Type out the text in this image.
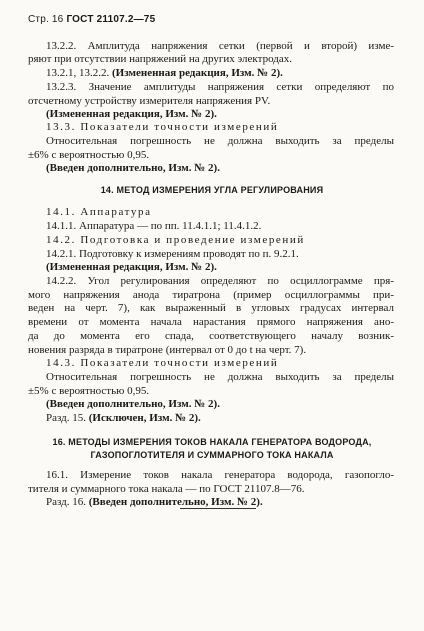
Стр. 16 ГОСТ 21107.2—75
13.2.2. Амплитуда напряжения сетки (первой и второй) изме-
ряют при отсутствии напряжений на других электродах.
13.2.1, 13.2.2. (Измененная редакция, Изм. № 2).
13.2.3. Значение амплитуды напряжения сетки определяют по
отсчетному устройству измерителя напряжения PV.
(Измененная редакция, Изм. № 2).
13.3. Показатели точности измерений
Относительная погрешность не должна выходить за пределы
±6% с вероятностью 0,95.
(Введен дополнительно, Изм. № 2).
14. МЕТОД ИЗМЕРЕНИЯ УГЛА РЕГУЛИРОВАНИЯ
14.1. Аппаратура
14.1.1. Аппаратура — по пп. 11.4.1.1; 11.4.1.2.
14.2. Подготовка и проведение измерений
14.2.1. Подготовку к измерениям проводят по п. 9.2.1.
(Измененная редакция, Изм. № 2).
14.2.2. Угол регулирования определяют по осциллограмме пря-
мого напряжения анода тиратрона (пример осциллограммы при-
веден на черт. 7), как выраженный в угловых градусах интервал
времени от момента начала нарастания прямого напряжения ано-
да до момента его спада, соответствующего началу возник-
новения разряда в тиратроне (интервал от 0 до t на черт. 7).
14.3. Показатели точности измерений
Относительная погрешность не должна выходить за пределы
±5% с вероятностью 0,95.
(Введен дополнительно, Изм. № 2).
Разд. 15. (Исключен, Изм. № 2).
16. МЕТОДЫ ИЗМЕРЕНИЯ ТОКОВ НАКАЛА ГЕНЕРАТОРА ВОДОРОДА,
ГАЗОПОГЛОТИТЕЛЯ И СУММАРНОГО ТОКА НАКАЛА
16.1. Измерение токов накала генератора водорода, газопогло-
тителя и суммарного тока накала — по ГОСТ 21107.8—76.
Разд. 16. (Введен дополнительно, Изм. № 2).
